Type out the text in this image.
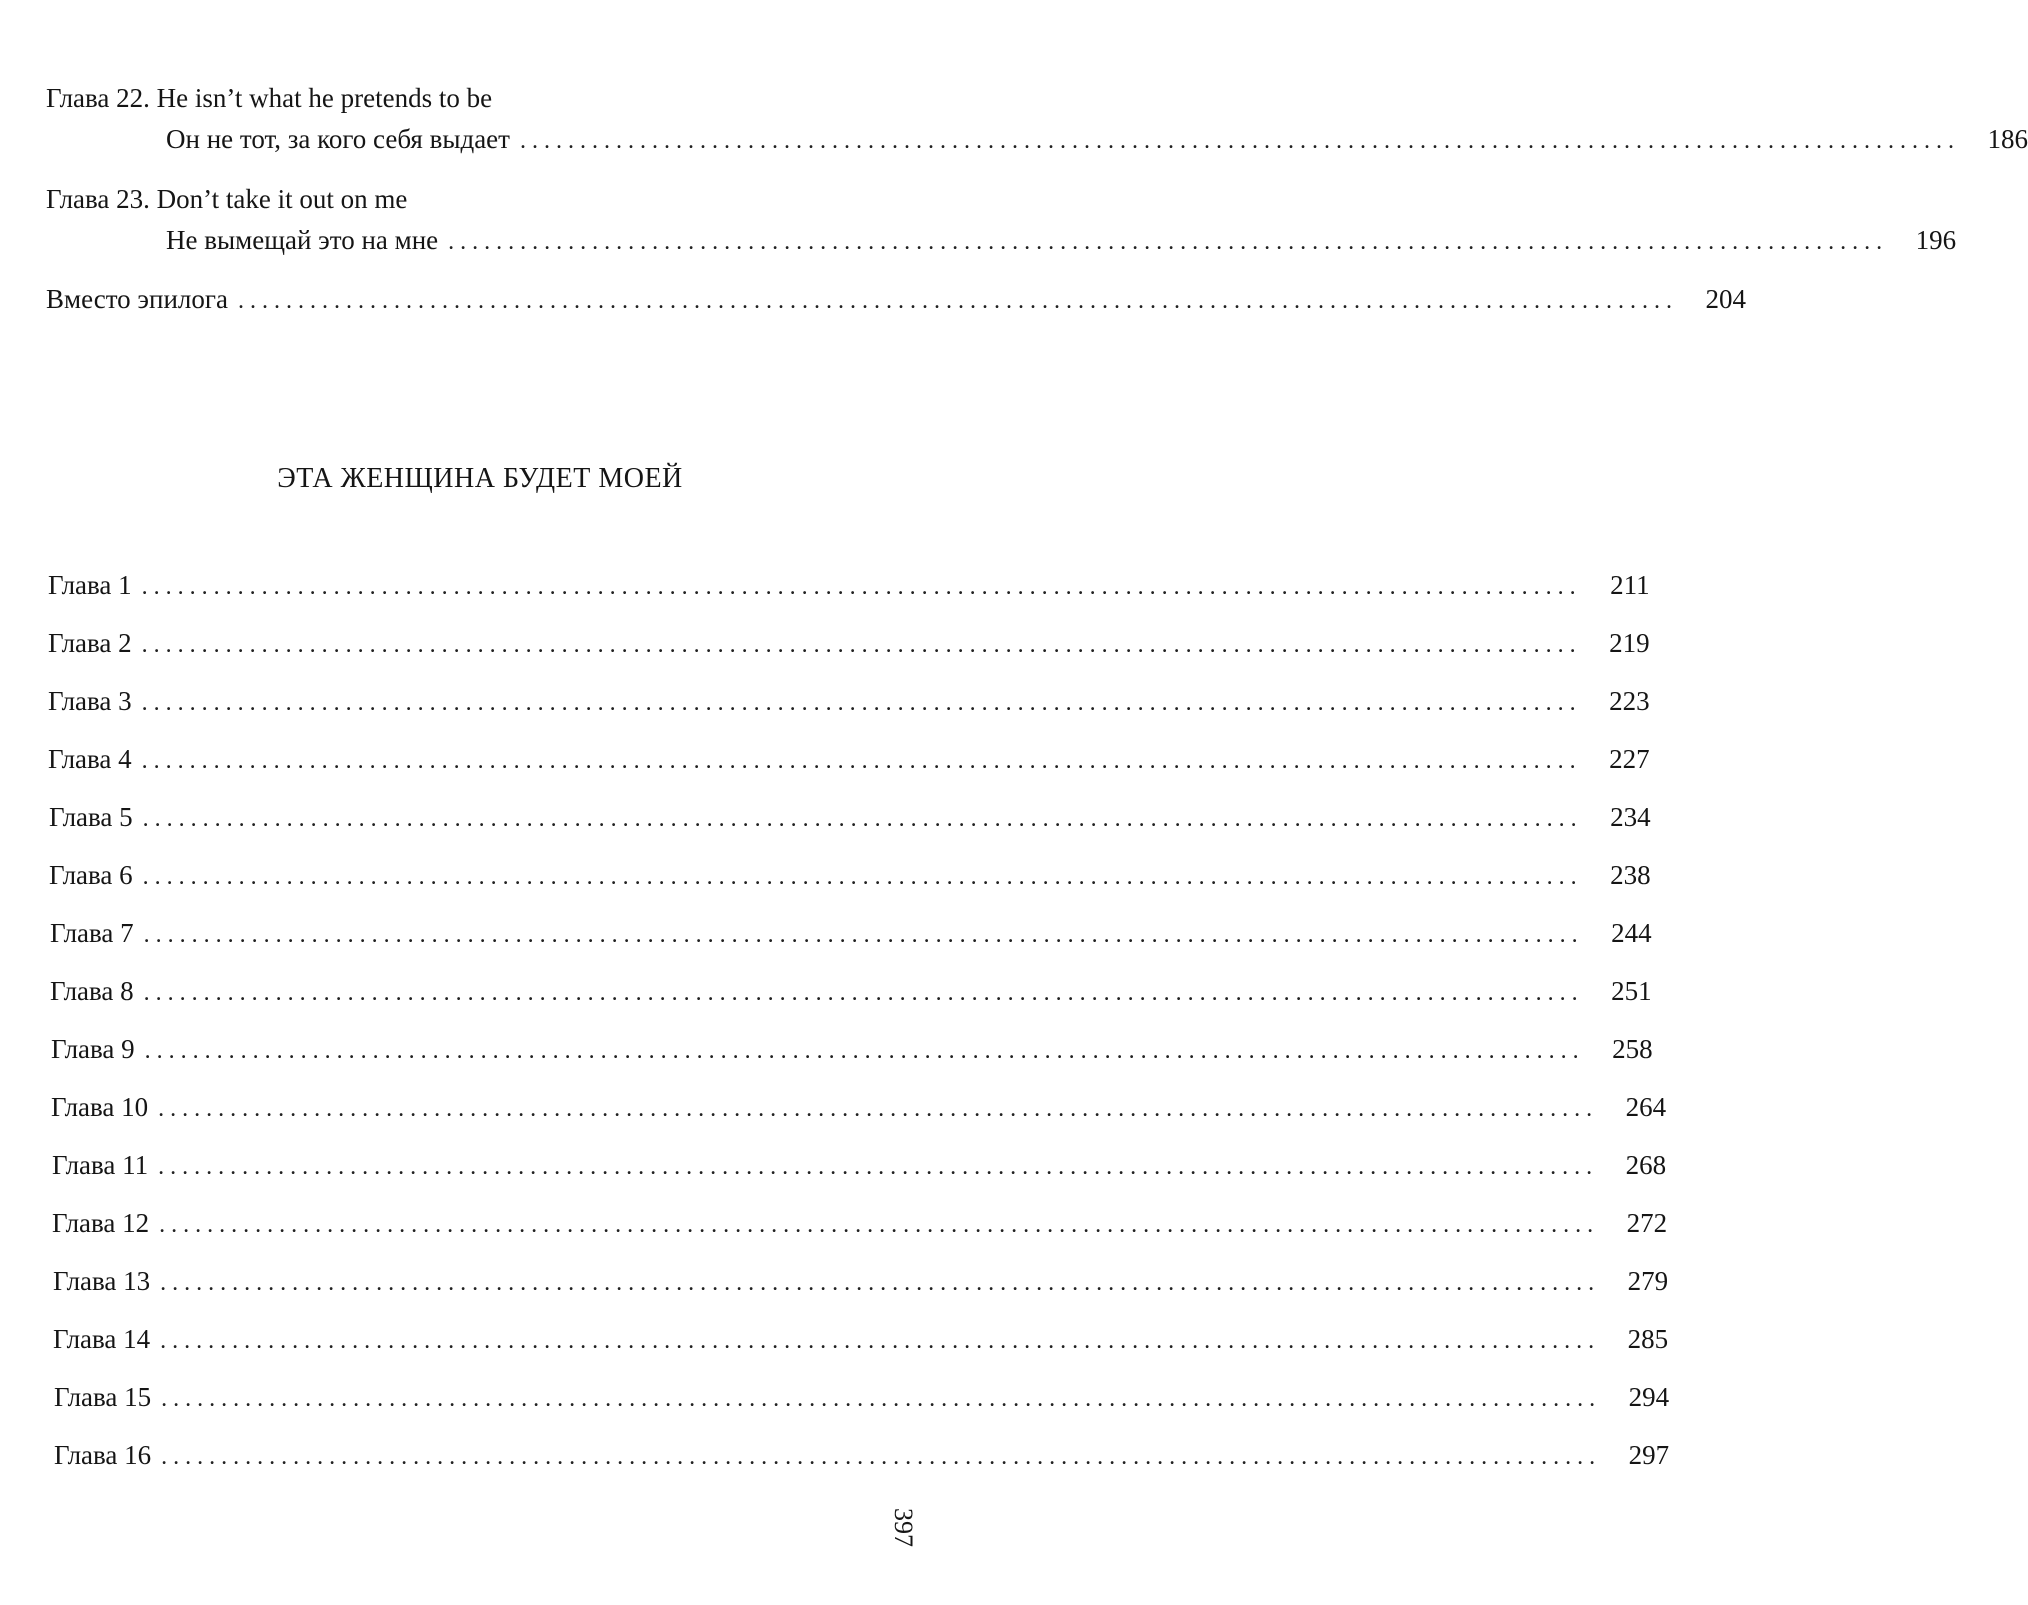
Глава 22. He isn’t what he pretends to be
Он не тот, за кого себя выдает ........................................................................................................................	186
Глава 23. Don’t take it out on me
Не вымещай это на мне ........................................................................................................................	196
Вместо эпилога ........................................................................................................................	204
ЭТА ЖЕНЩИНА БУДЕТ МОЕЙ
Глава 1 ........................................................................................................................	211
Глава 2 ........................................................................................................................	219
Глава 3 ........................................................................................................................	223
Глава 4 ........................................................................................................................	227
Глава 5 ........................................................................................................................	234
Глава 6 ........................................................................................................................	238
Глава 7 ........................................................................................................................	244
Глава 8 ........................................................................................................................	251
Глава 9 ........................................................................................................................	258
Глава 10 ........................................................................................................................	264
Глава 11 ........................................................................................................................	268
Глава 12 ........................................................................................................................	272
Глава 13 ........................................................................................................................	279
Глава 14 ........................................................................................................................	285
Глава 15 ........................................................................................................................	294
Глава 16 ........................................................................................................................	297
397
